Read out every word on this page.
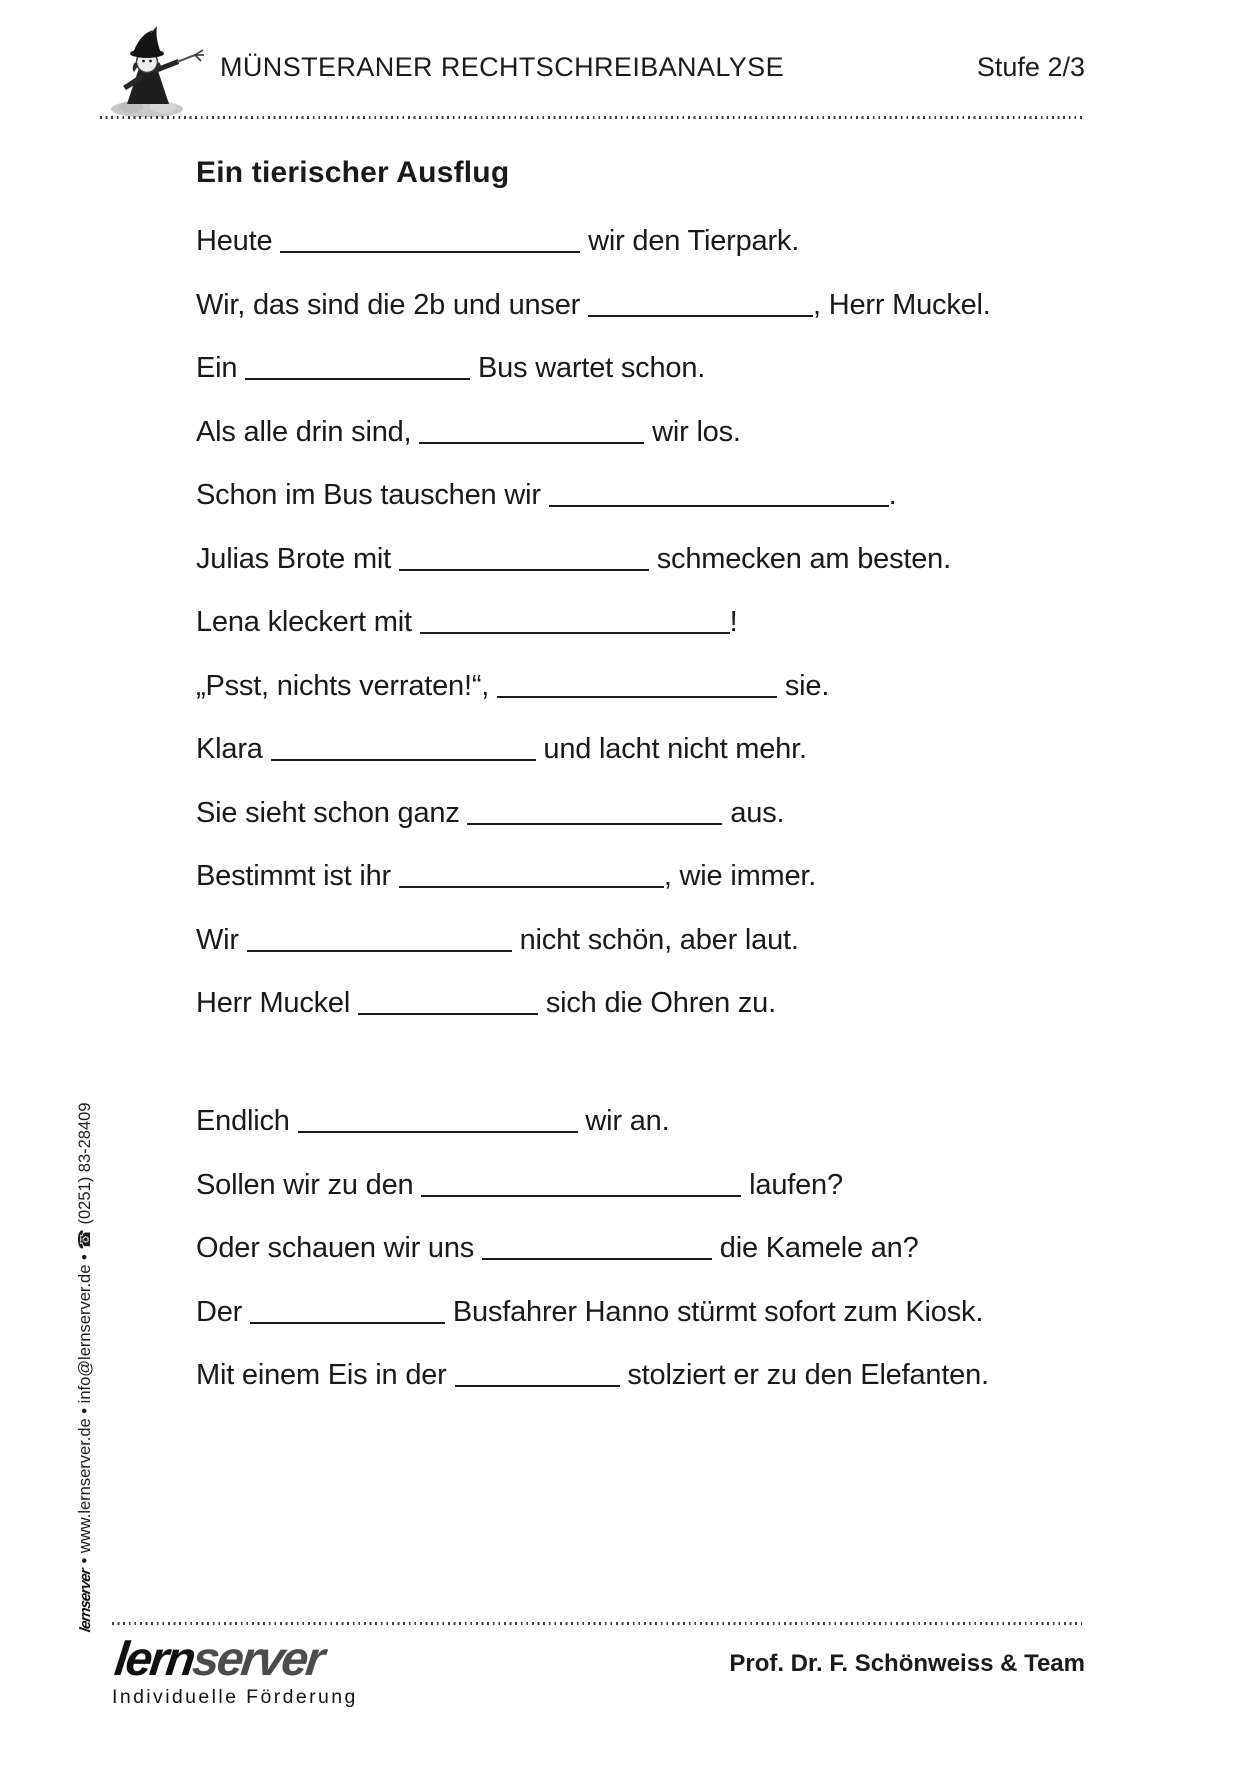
MÜNSTERANER RECHTSCHREIBANALYSE	Stufe 2/3
Ein tierischer Ausflug
Heute	wir den Tierpark.
Wir, das sind die 2b und unser	, Herr Muckel.
Ein	Bus wartet schon.
Als alle drin sind,	wir los.
Schon im Bus tauschen wir	.
Julias Brote mit	schmecken am besten.
Lena kleckert mit	!
„Psst, nichts verraten!“,	sie.
Klara	und lacht nicht mehr.
Sie sieht schon ganz	aus.
Bestimmt ist ihr	, wie immer.
Wir	nicht schön, aber laut.
Herr Muckel	sich die Ohren zu.
Endlich	wir an.
Sollen wir zu den	laufen?
Oder schauen wir uns	die Kamele an?
Der	Busfahrer Hanno stürmt sofort zum Kiosk.
Mit einem Eis in der	stolziert er zu den Elefanten.
lernserver
• www.lernserver.de • info@lernserver.de • ☎ (0251) 83-28409
lernserver
Individuelle Förderung
Prof. Dr. F. Schönweiss & Team
